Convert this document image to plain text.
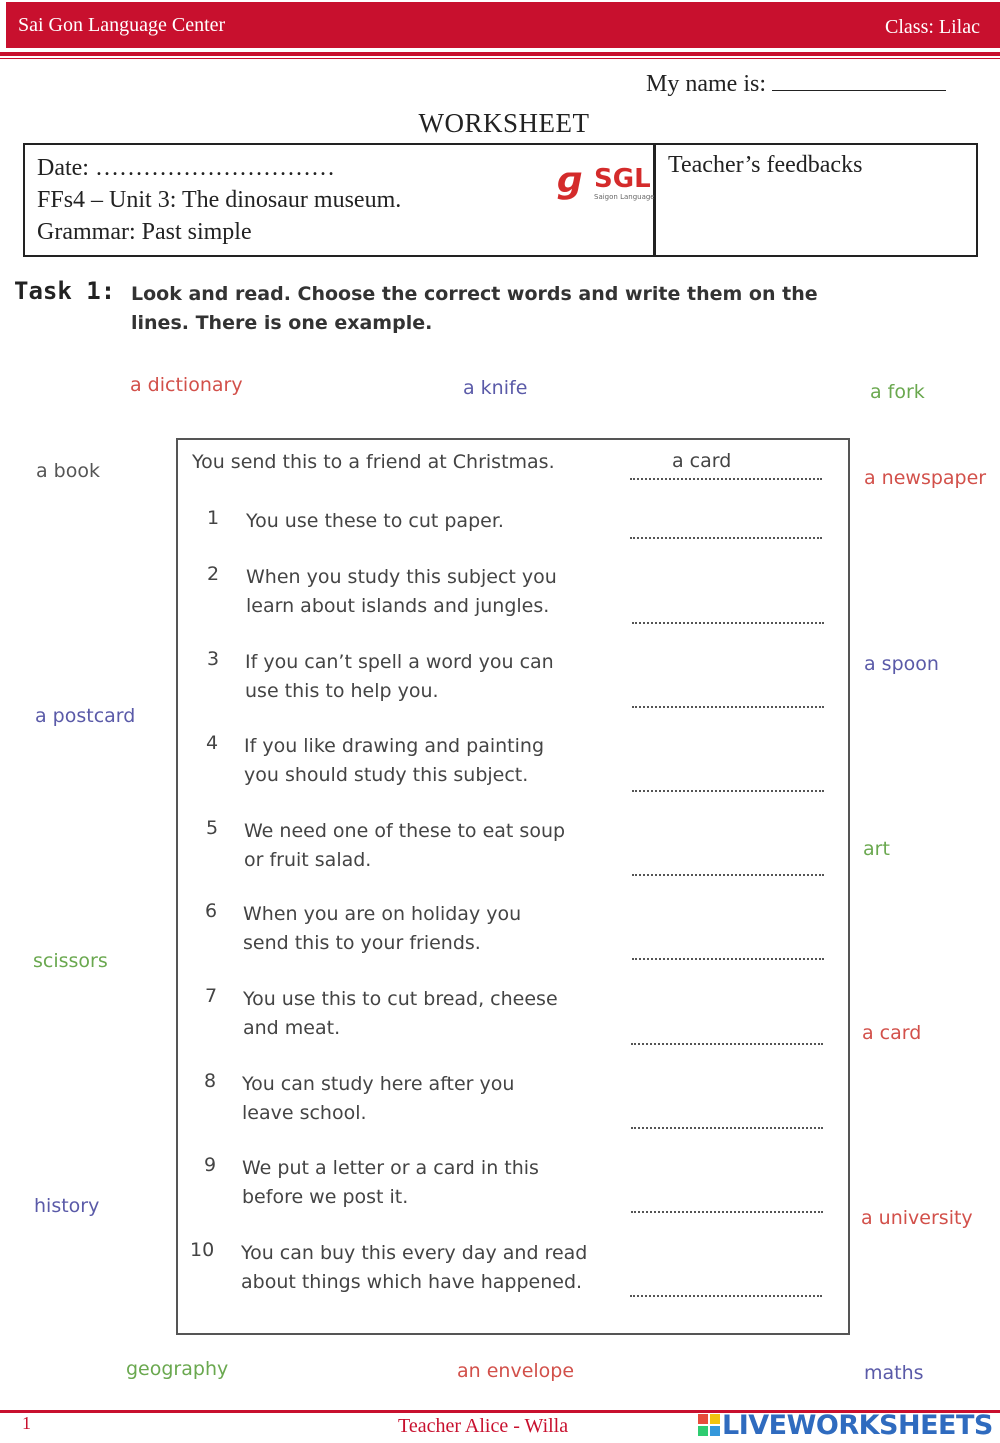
Sai Gon Language Center	Class: Lilac
My name is:
WORKSHEET
Date: …………………………
FFs4 – Unit 3: The dinosaur museum.
Grammar: Past simple
ɡ SGL
Saigon Language
Teacher’s feedbacks
Task 1: Look and read. Choose the correct words and write them on the
lines. There is one example.
a dictionary	a knife	a fork
a book	a newspaper
a spoon
a postcard
art
scissors
a card
history
a university
geography	an envelope	maths
You send this to a friend at Christmas.	a card
1 You use these to cut paper.
2 When you study this subject you
learn about islands and jungles.
3 If you can’t spell a word you can
use this to help you.
4 If you like drawing and painting
you should study this subject.
5 We need one of these to eat soup
or fruit salad.
6 When you are on holiday you
send this to your friends.
7 You use this to cut bread, cheese
and meat.
8 You can study here after you
leave school.
9 We put a letter or a card in this
before we post it.
10 You can buy this every day and read
about things which have happened.
1	Teacher Alice - Willa	LIVEWORKSHEETS
